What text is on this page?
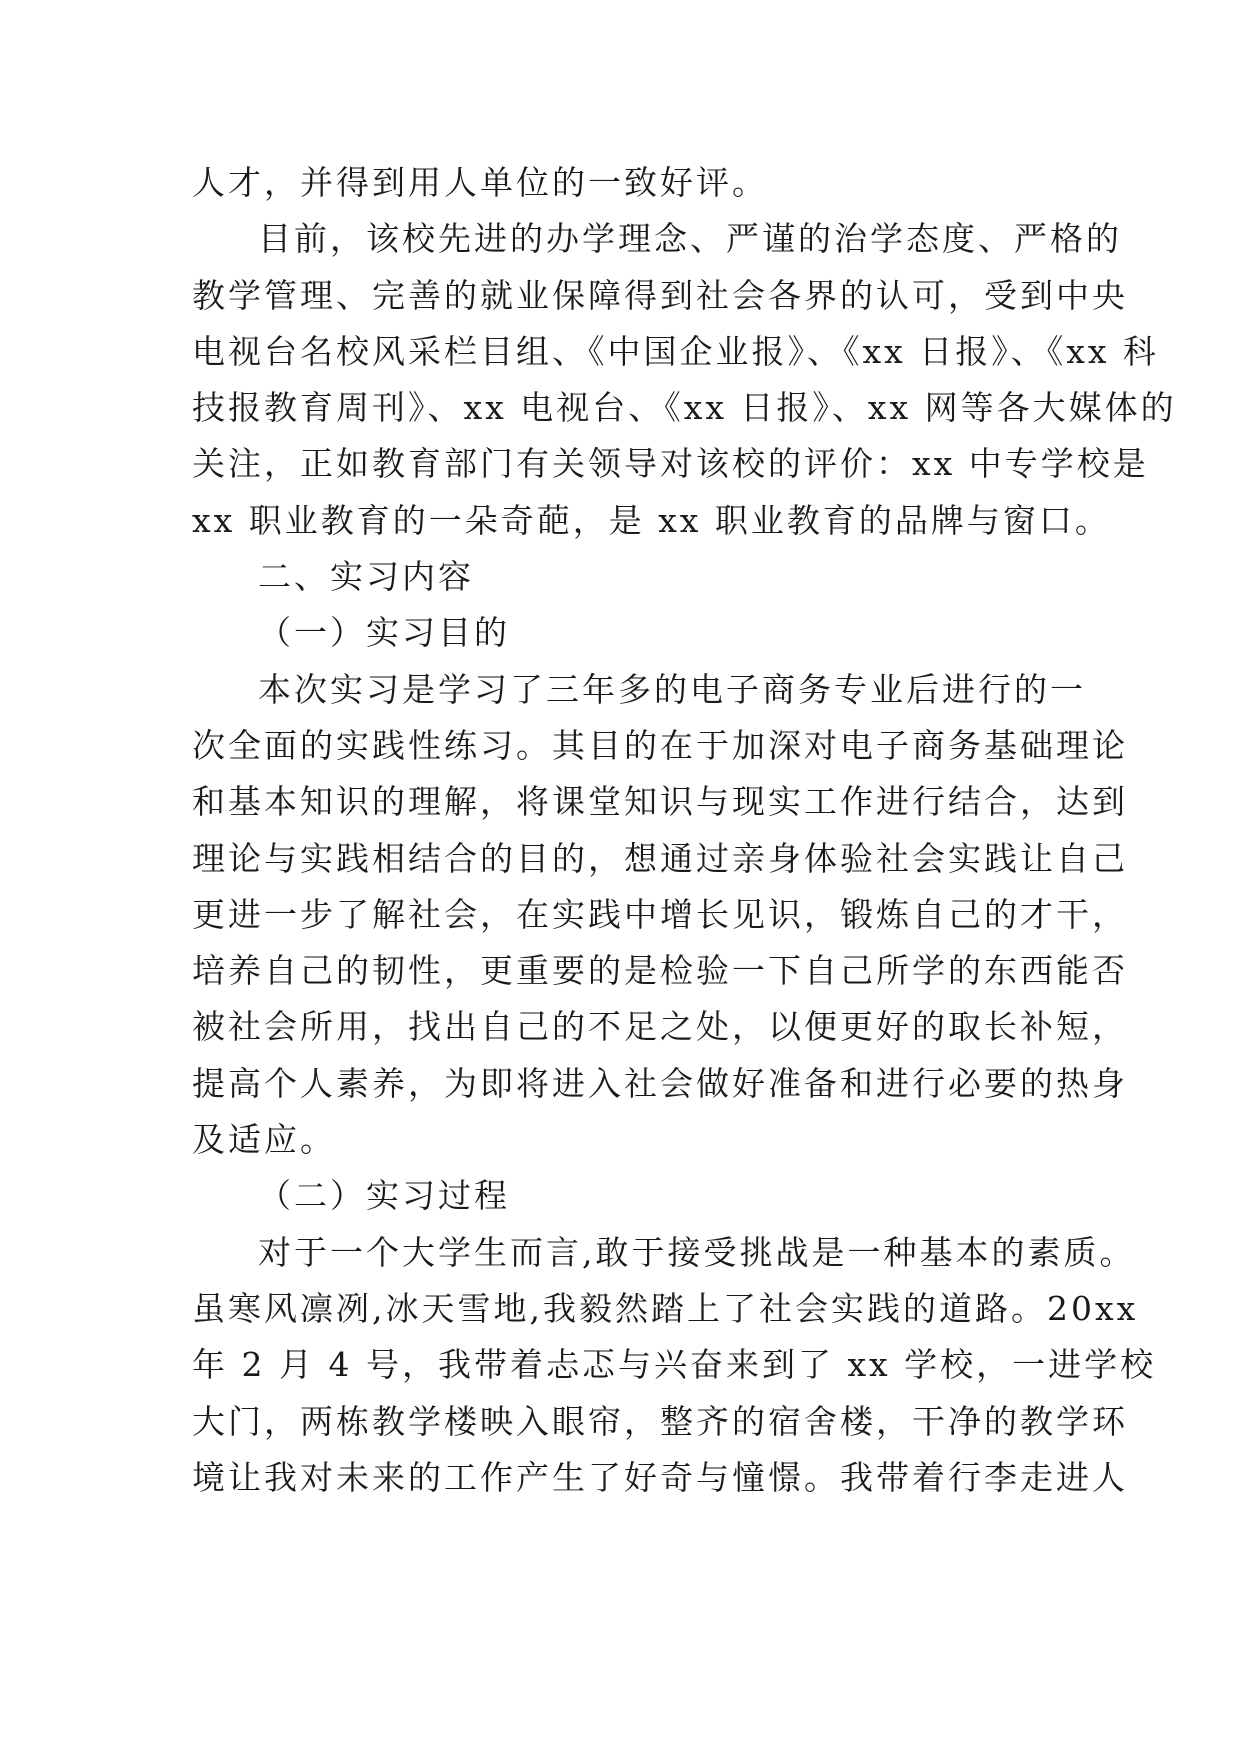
人才，并得到用人单位的一致好评。
目前，该校先进的办学理念、严谨的治学态度、严格的
教学管理、完善的就业保障得到社会各界的认可，受到中央
电视台名校风采栏目组、《中国企业报》、《xx 日报》、《xx 科
技报教育周刊》、xx 电视台、《xx 日报》、xx 网等各大媒体的
关注，正如教育部门有关领导对该校的评价：xx 中专学校是
xx 职业教育的一朵奇葩，是 xx 职业教育的品牌与窗口。
二、实习内容
（一）实习目的
本次实习是学习了三年多的电子商务专业后进行的一
次全面的实践性练习。其目的在于加深对电子商务基础理论
和基本知识的理解，将课堂知识与现实工作进行结合，达到
理论与实践相结合的目的，想通过亲身体验社会实践让自己
更进一步了解社会，在实践中增长见识，锻炼自己的才干，
培养自己的韧性，更重要的是检验一下自己所学的东西能否
被社会所用，找出自己的不足之处，以便更好的取长补短，
提高个人素养，为即将进入社会做好准备和进行必要的热身
及适应。
（二）实习过程
对于一个大学生而言,敢于接受挑战是一种基本的素质。
虽寒风凛冽,冰天雪地,我毅然踏上了社会实践的道路。20xx
年 2 月 4 号，我带着忐忑与兴奋来到了 xx 学校，一进学校
大门，两栋教学楼映入眼帘，整齐的宿舍楼，干净的教学环
境让我对未来的工作产生了好奇与憧憬。我带着行李走进人
